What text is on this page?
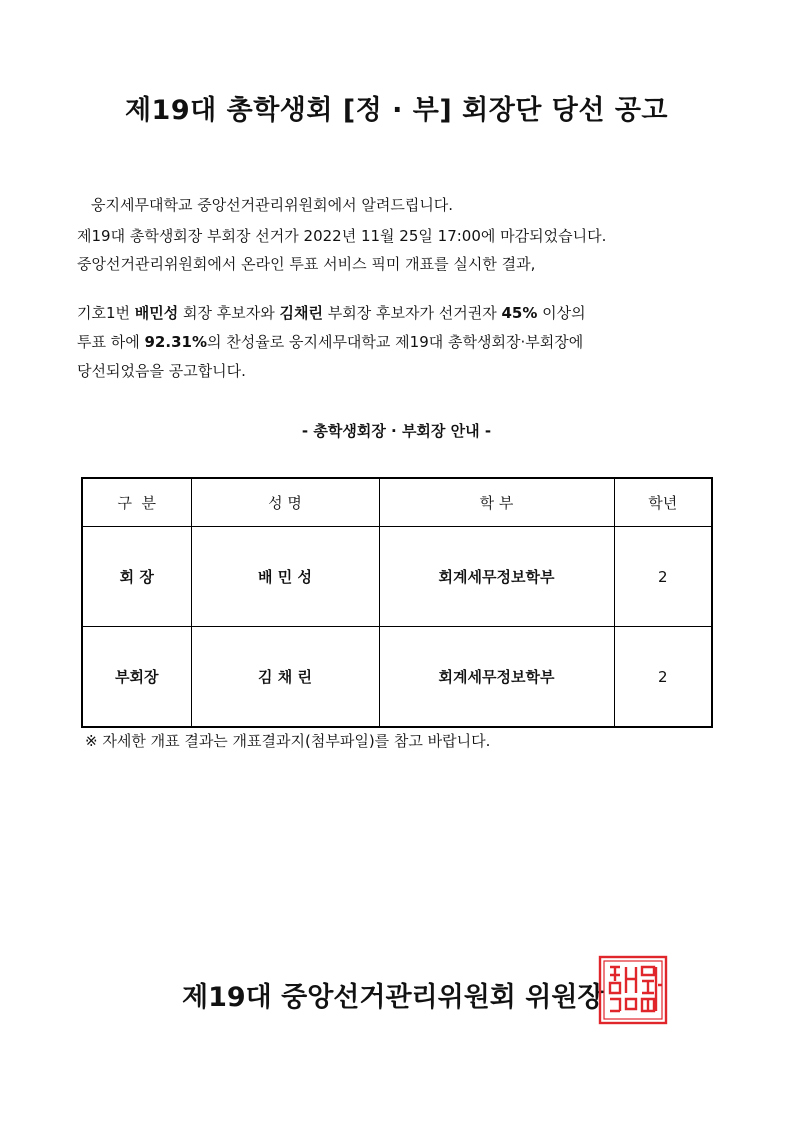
제19대 총학생회 [정 · 부] 회장단 당선 공고
웅지세무대학교 중앙선거관리위원회에서 알려드립니다.
제19대 총학생회장 부회장 선거가 2022년 11월 25일 17:00에 마감되었습니다.
중앙선거관리위원회에서 온라인 투표 서비스 픽미 개표를 실시한 결과,
기호1번 배민성 회장 후보자와 김채린 부회장 후보자가 선거권자 45% 이상의
투표 하에 92.31%의 찬성율로 웅지세무대학교 제19대 총학생회장·부회장에
당선되었음을 공고합니다.
- 총학생회장 · 부회장 안내 -
구  분	성 명	학 부	학년
회 장	배 민 성	회계세무정보학부	2
부회장	김 채 린	회계세무정보학부	2
※ 자세한 개표 결과는 개표결과지(첨부파일)를 참고 바랍니다.
제19대 중앙선거관리위원회 위원장
